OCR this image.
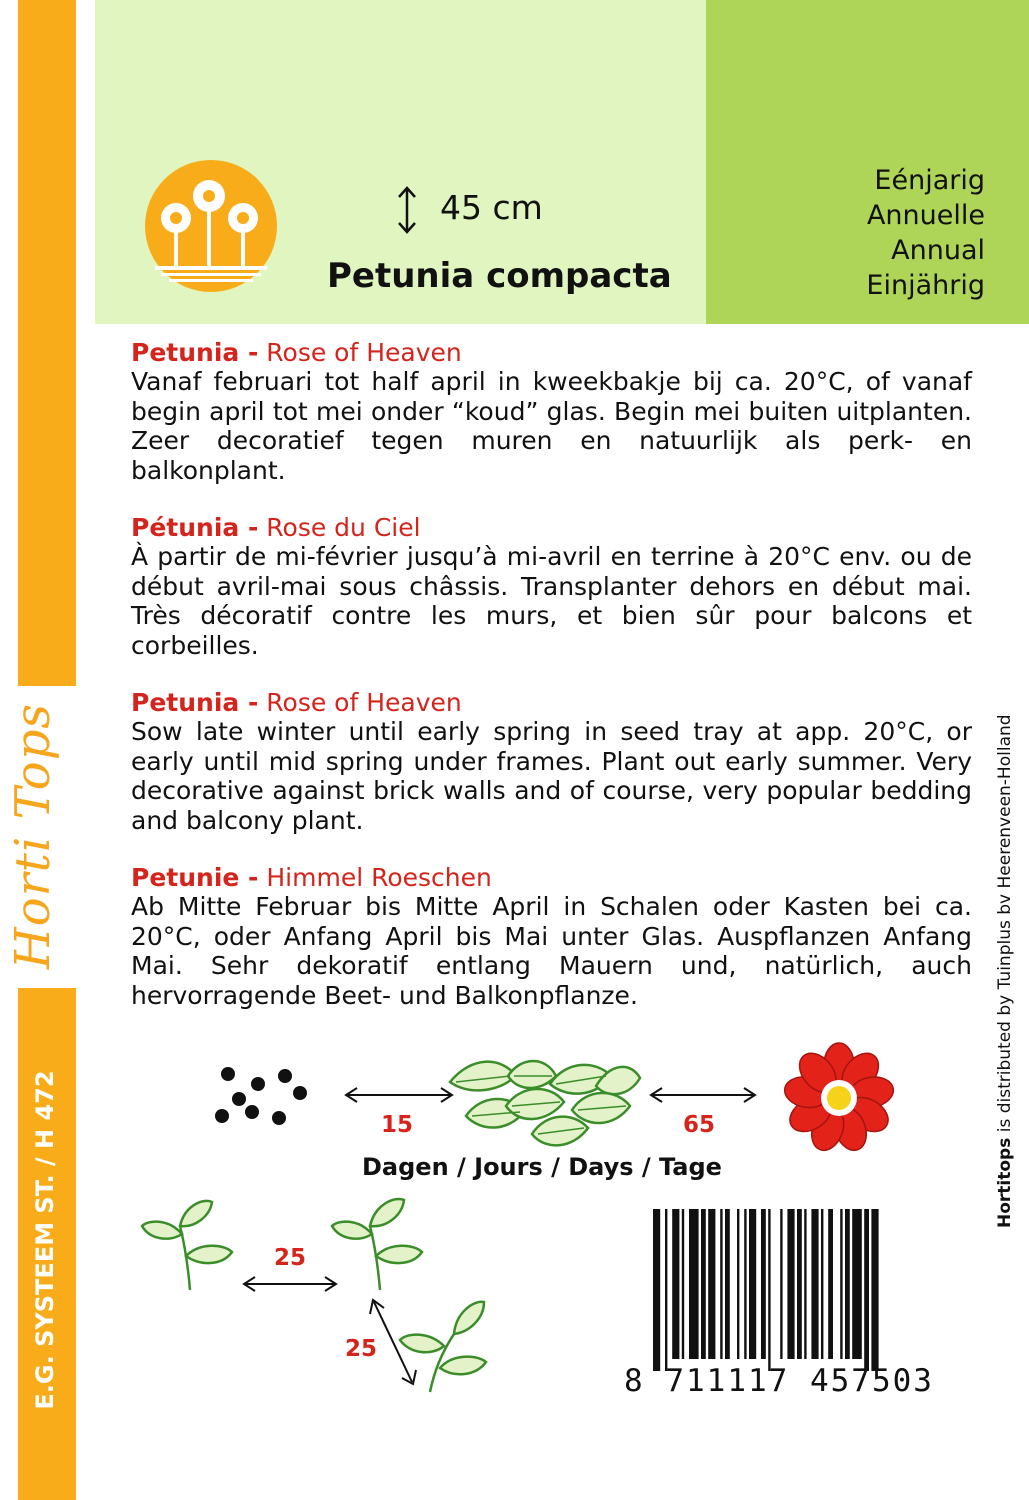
Horti Tops
E.G. SYSTEEM ST. / H 472
Eénjarig
Annuelle
Annual
Einjährig
45 cm
Petunia compacta
Petunia - Rose of Heaven
Vanaf februari tot half april in kweekbakje bij ca. 20°C, of vanaf begin april tot mei onder “koud” glas. Begin mei buiten uitplanten. Zeer decoratief tegen muren en natuurlijk als perk- en balkonplant.
Pétunia - Rose du Ciel
À partir de mi-février jusqu’à mi-avril en terrine à 20°C env. ou de début avril-mai sous châssis. Transplanter dehors en début mai. Très décoratif contre les murs, et bien sûr pour balcons et corbeilles.
Petunia - Rose of Heaven
Sow late winter until early spring in seed tray at app. 20°C, or early until mid spring under frames. Plant out early summer. Very decorative against brick walls and of course, very popular bedding and balcony plant.
Petunie - Himmel Roeschen
Ab Mitte Februar bis Mitte April in Schalen oder Kasten bei ca. 20°C, oder Anfang April bis Mai unter Glas. Auspflanzen Anfang Mai. Sehr dekoratif entlang Mauern und, natürlich, auch hervorragende Beet- und Balkonpflanze.
15	65
Dagen / Jours / Days / Tage
25
25
8 711117 457503
Hortitops is distributed by Tuinplus bv Heerenveen-Holland
